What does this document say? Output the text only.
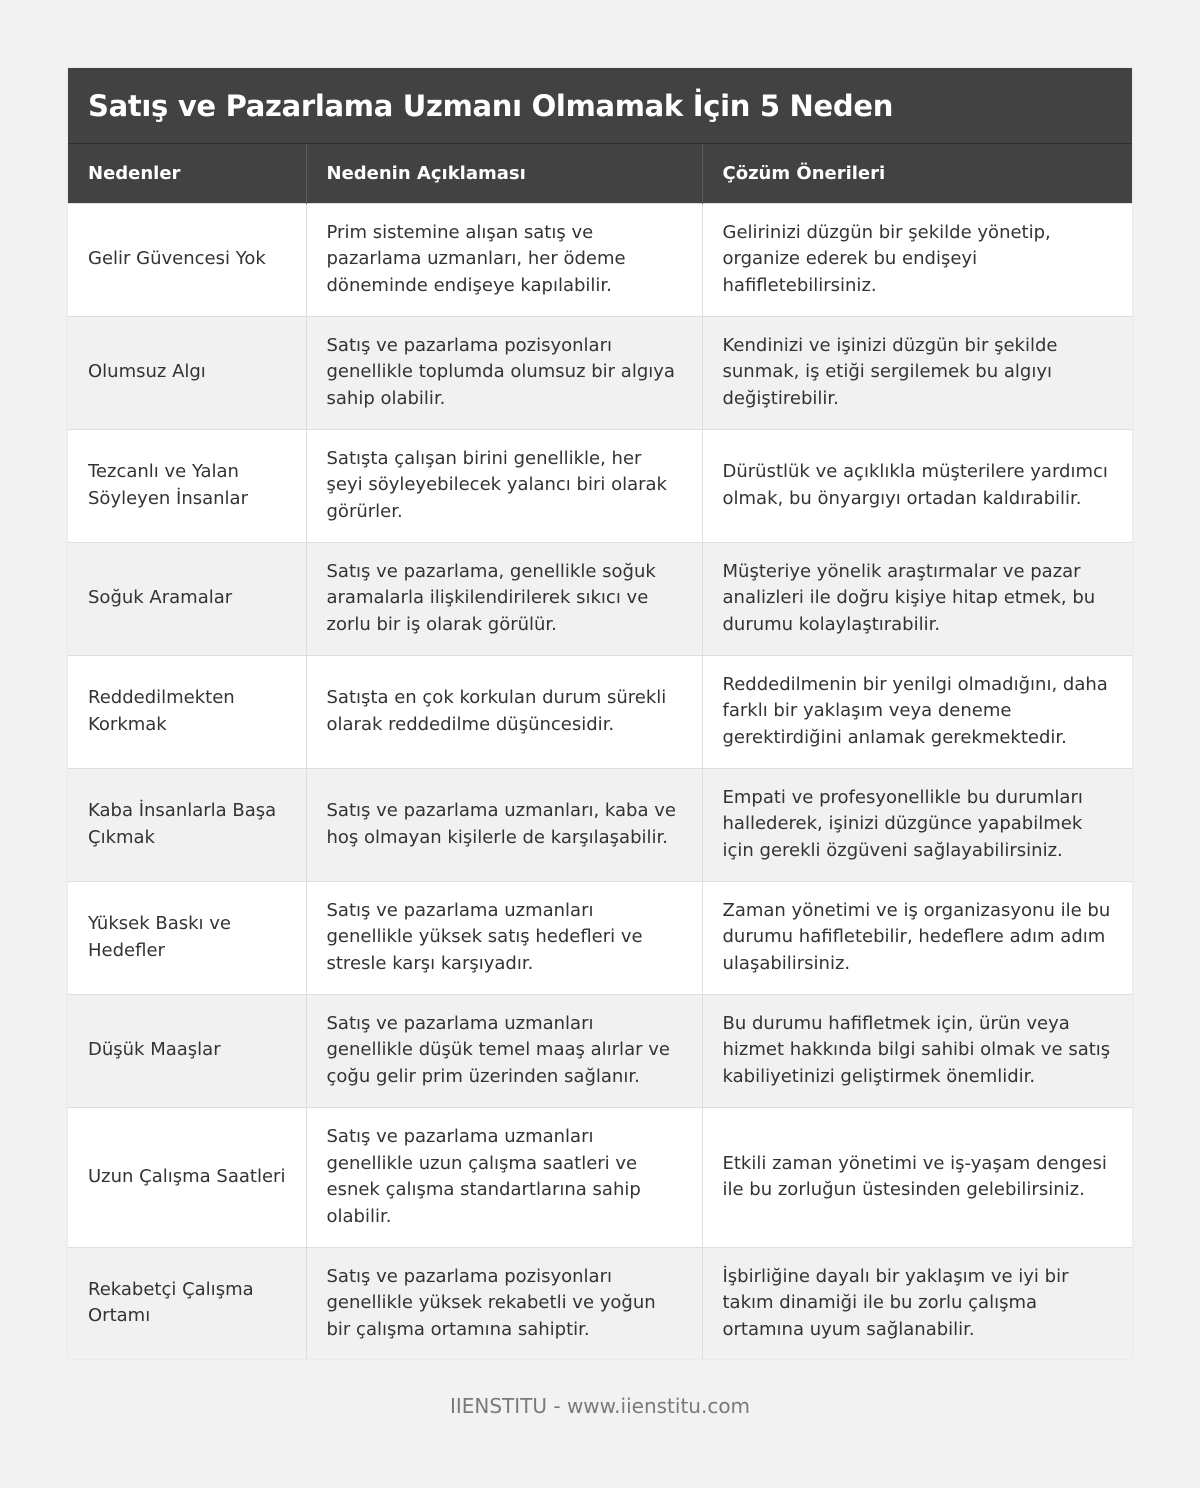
Satış ve Pazarlama Uzmanı Olmamak İçin 5 Neden
Nedenler	Nedenin Açıklaması	Çözüm Önerileri
Gelir Güvencesi Yok	Prim sistemine alışan satış ve pazarlama uzmanları, her ödeme döneminde endişeye kapılabilir.	Gelirinizi düzgün bir şekilde yönetip, organize ederek bu endişeyi hafifletebilirsiniz.
Olumsuz Algı	Satış ve pazarlama pozisyonları genellikle toplumda olumsuz bir algıya sahip olabilir.	Kendinizi ve işinizi düzgün bir şekilde sunmak, iş etiği sergilemek bu algıyı değiştirebilir.
Tezcanlı ve Yalan Söyleyen İnsanlar	Satışta çalışan birini genellikle, her şeyi söyleyebilecek yalancı biri olarak görürler.	Dürüstlük ve açıklıkla müşterilere yardımcı olmak, bu önyargıyı ortadan kaldırabilir.
Soğuk Aramalar	Satış ve pazarlama, genellikle soğuk aramalarla ilişkilendirilerek sıkıcı ve zorlu bir iş olarak görülür.	Müşteriye yönelik araştırmalar ve pazar analizleri ile doğru kişiye hitap etmek, bu durumu kolaylaştırabilir.
Reddedilmekten Korkmak	Satışta en çok korkulan durum sürekli olarak reddedilme düşüncesidir.	Reddedilmenin bir yenilgi olmadığını, daha farklı bir yaklaşım veya deneme gerektirdiğini anlamak gerekmektedir.
Kaba İnsanlarla Başa Çıkmak	Satış ve pazarlama uzmanları, kaba ve hoş olmayan kişilerle de karşılaşabilir.	Empati ve profesyonellikle bu durumları hallederek, işinizi düzgünce yapabilmek için gerekli özgüveni sağlayabilirsiniz.
Yüksek Baskı ve Hedefler	Satış ve pazarlama uzmanları genellikle yüksek satış hedefleri ve stresle karşı karşıyadır.	Zaman yönetimi ve iş organizasyonu ile bu durumu hafifletebilir, hedeflere adım adım ulaşabilirsiniz.
Düşük Maaşlar	Satış ve pazarlama uzmanları genellikle düşük temel maaş alırlar ve çoğu gelir prim üzerinden sağlanır.	Bu durumu hafifletmek için, ürün veya hizmet hakkında bilgi sahibi olmak ve satış kabiliyetinizi geliştirmek önemlidir.
Uzun Çalışma Saatleri	Satış ve pazarlama uzmanları genellikle uzun çalışma saatleri ve esnek çalışma standartlarına sahip olabilir.	Etkili zaman yönetimi ve iş-yaşam dengesi ile bu zorluğun üstesinden gelebilirsiniz.
Rekabetçi Çalışma Ortamı	Satış ve pazarlama pozisyonları genellikle yüksek rekabetli ve yoğun bir çalışma ortamına sahiptir.	İşbirliğine dayalı bir yaklaşım ve iyi bir takım dinamiği ile bu zorlu çalışma ortamına uyum sağlanabilir.
IIENSTITU - www.iienstitu.com
